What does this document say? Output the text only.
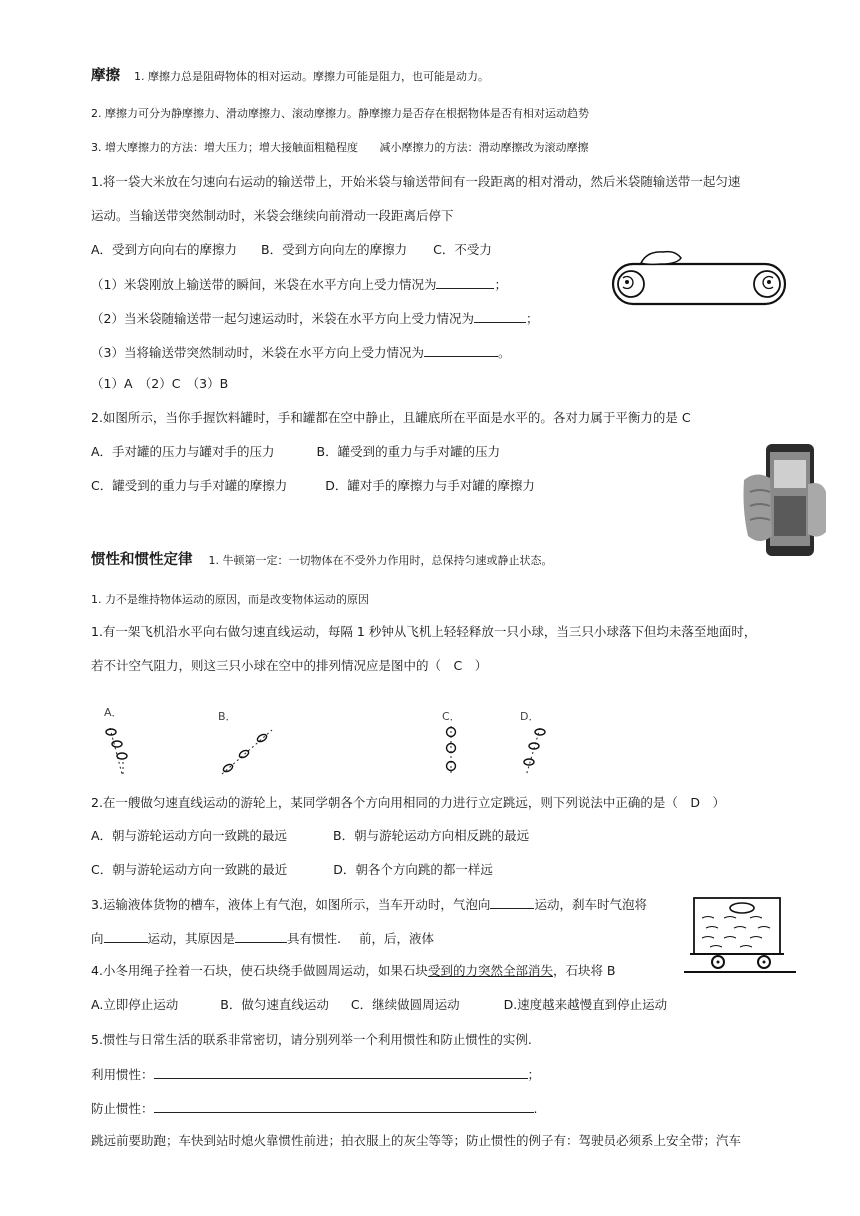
摩擦 1. 摩擦力总是阻碍物体的相对运动。摩擦力可能是阻力，也可能是动力。
2. 摩擦力可分为静摩擦力、滑动摩擦力、滚动摩擦力。静摩擦力是否存在根据物体是否有相对运动趋势
3. 增大摩擦力的方法：增大压力；增大接触面粗糙程度 减小摩擦力的方法：滑动摩擦改为滚动摩擦
1.将一袋大米放在匀速向右运动的输送带上，开始米袋与输送带间有一段距离的相对滑动，然后米袋随输送带一起匀速
运动。当输送带突然制动时，米袋会继续向前滑动一段距离后停下
A．受到方向向右的摩擦力 B．受到方向向左的摩擦力 C．不受力
（1）米袋刚放上输送带的瞬间，米袋在水平方向上受力情况为	；
（2）当米袋随输送带一起匀速运动时，米袋在水平方向上受力情况为	；
（3）当将输送带突然制动时，米袋在水平方向上受力情况为	。
（1）A　（2）C　（3）B
2.如图所示，当你手握饮料罐时，手和罐都在空中静止，且罐底所在平面是水平的。各对力属于平衡力的是 C
A．手对罐的压力与罐对手的压力	B．罐受到的重力与手对罐的压力
C．罐受到的重力与手对罐的摩擦力	D．罐对手的摩擦力与手对罐的摩擦力
惯性和惯性定律 1. 牛顿第一定：一切物体在不受外力作用时，总保持匀速或静止状态。
1. 力不是维持物体运动的原因，而是改变物体运动的原因
1.有一架飞机沿水平向右做匀速直线运动，每隔 1 秒钟从飞机上轻轻释放一只小球，当三只小球落下但均未落至地面时，
若不计空气阻力，则这三只小球在空中的排列情况应是图中的（　C　）
A．	B．	C．	D．
2.在一艘做匀速直线运动的游轮上，某同学朝各个方向用相同的力进行立定跳远，则下列说法中正确的是（　D　）
A．朝与游轮运动方向一致跳的最远	B．朝与游轮运动方向相反跳的最远
C．朝与游轮运动方向一致跳的最近	D．朝各个方向跳的都一样远
3.运输液体货物的槽车，液体上有气泡，如图所示，当车开动时，气泡向	运动，刹车时气泡将
向	运动，其原因是	具有惯性. 前，后，液体
4.小冬用绳子拴着一石块，使石块绕手做圆周运动，如果石块受到的力突然全部消失，石块将 B
A.立即停止运动	B．做匀速直线运动 C．继续做圆周运动	D.速度越来越慢直到停止运动
5.惯性与日常生活的联系非常密切，请分别列举一个利用惯性和防止惯性的实例.
利用惯性：	；
防止惯性：	.
跳远前要助跑；车快到站时熄火靠惯性前进；拍衣服上的灰尘等等；防止惯性的例子有：驾驶员必须系上安全带；汽车
